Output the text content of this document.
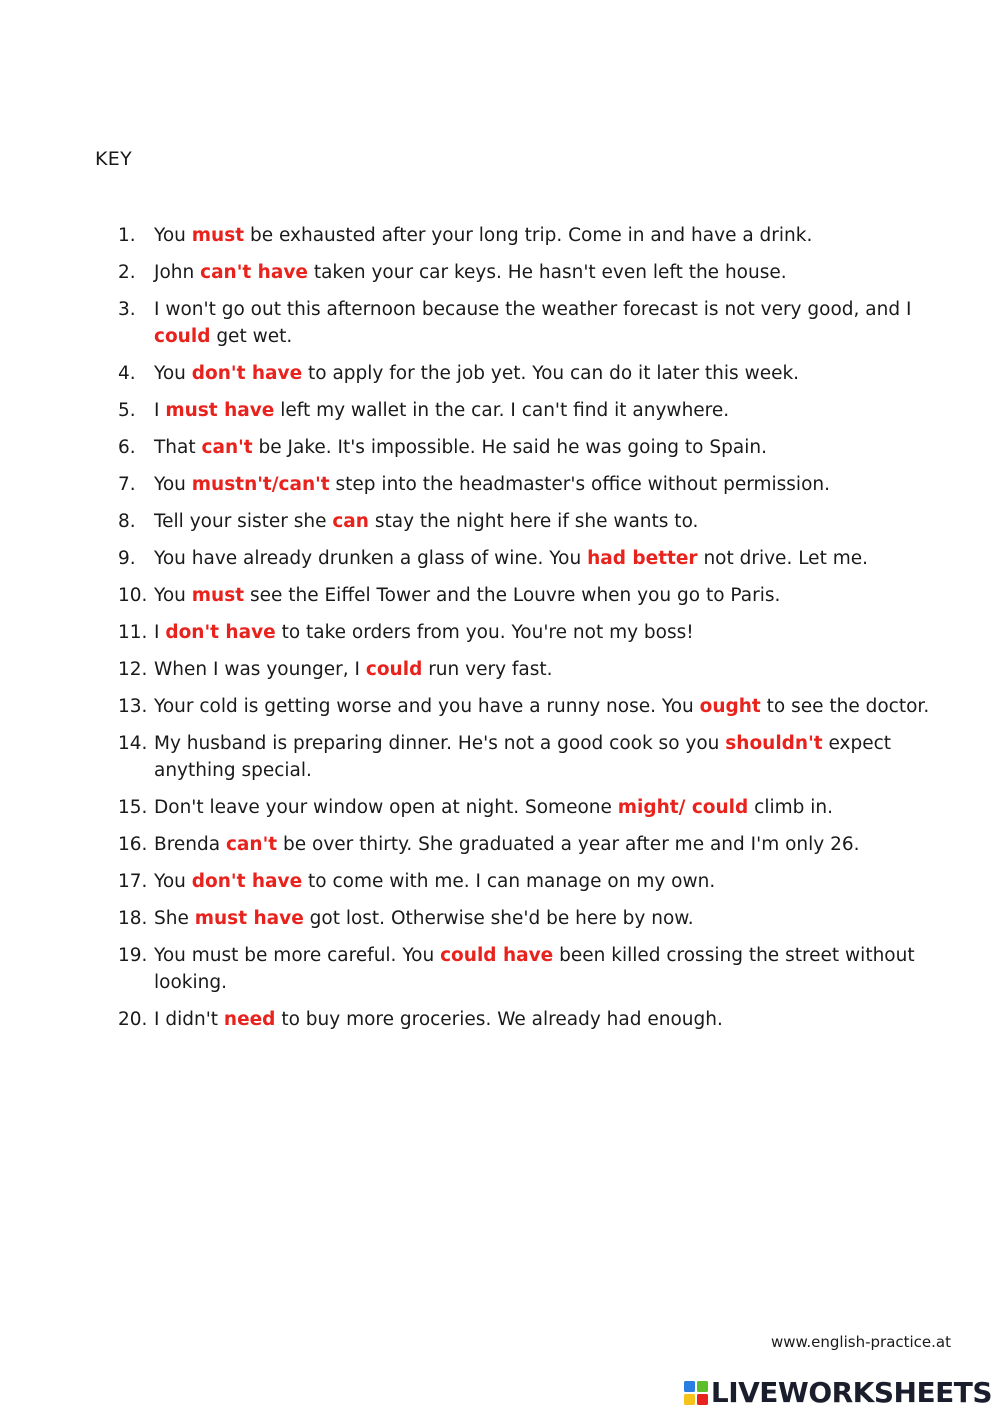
KEY
1. You must be exhausted after your long trip. Come in and have a drink.
2. John can't have taken your car keys. He hasn't even left the house.
3. I won't go out this afternoon because the weather forecast is not very good, and I could get wet.
4. You don't have to apply for the job yet. You can do it later this week.
5. I must have left my wallet in the car. I can't find it anywhere.
6. That can't be Jake. It's impossible. He said he was going to Spain.
7. You mustn't/can't step into the headmaster's office without permission.
8. Tell your sister she can stay the night here if she wants to.
9. You have already drunken a glass of wine. You had better not drive. Let me.
10. You must see the Eiffel Tower and the Louvre when you go to Paris.
11. I don't have to take orders from you. You're not my boss!
12. When I was younger, I could run very fast.
13. Your cold is getting worse and you have a runny nose. You ought to see the doctor.
14. My husband is preparing dinner. He's not a good cook so you shouldn't expect anything special.
15. Don't leave your window open at night. Someone might/ could climb in.
16. Brenda can't be over thirty. She graduated a year after me and I'm only 26.
17. You don't have to come with me. I can manage on my own.
18. She must have got lost. Otherwise she'd be here by now.
19. You must be more careful. You could have been killed crossing the street without looking.
20. I didn't need to buy more groceries. We already had enough.
www.english-practice.at
LIVEWORKSHEETS
